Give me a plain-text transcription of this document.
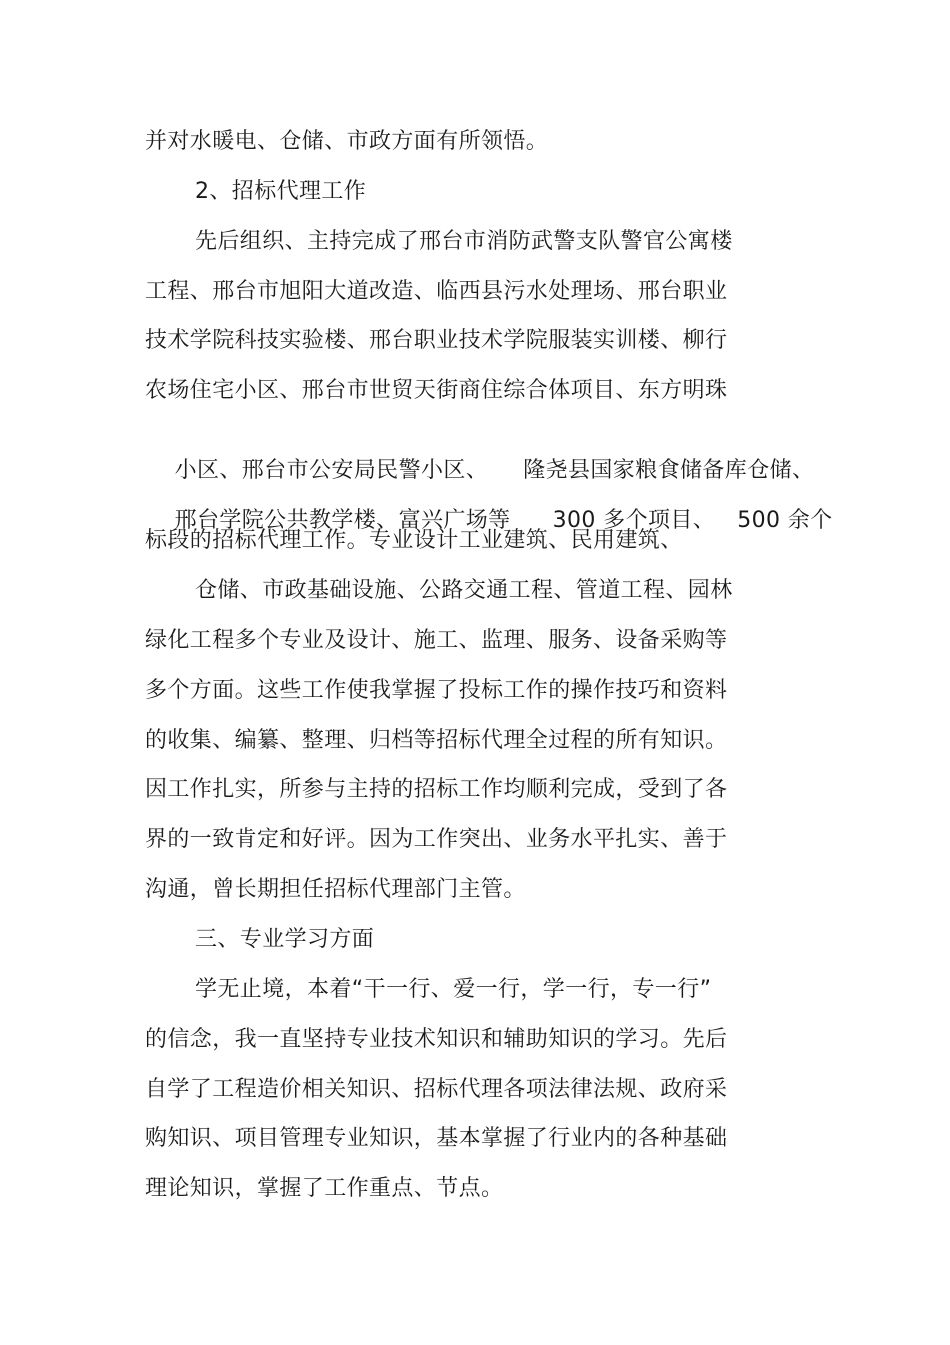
并对水暖电、仓储、市政方面有所领悟。
2、招标代理工作
先后组织、主持完成了邢台市消防武警支队警官公寓楼
工程、邢台市旭阳大道改造、临西县污水处理场、邢台职业
技术学院科技实验楼、邢台职业技术学院服装实训楼、柳行
农场住宅小区、邢台市世贸天街商住综合体项目、东方明珠

小区、邢台市公安局民警小区、 隆尧县国家粮食储备库仓储、

邢台学院公共教学楼、富兴广场等 300 多个项目、 500 余个

标段的招标代理工作。专业设计工业建筑、民用建筑、
仓储、市政基础设施、公路交通工程、管道工程、园林
绿化工程多个专业及设计、施工、监理、服务、设备采购等
多个方面。这些工作使我掌握了投标工作的操作技巧和资料
的收集、编纂、整理、归档等招标代理全过程的所有知识。
因工作扎实，所参与主持的招标工作均顺利完成，受到了各
界的一致肯定和好评。因为工作突出、业务水平扎实、善于
沟通，曾长期担任招标代理部门主管。
三、专业学习方面
学无止境，本着“干一行、爱一行，学一行，专一行”
的信念，我一直坚持专业技术知识和辅助知识的学习。先后
自学了工程造价相关知识、招标代理各项法律法规、政府采
购知识、项目管理专业知识，基本掌握了行业内的各种基础
理论知识，掌握了工作重点、节点。
